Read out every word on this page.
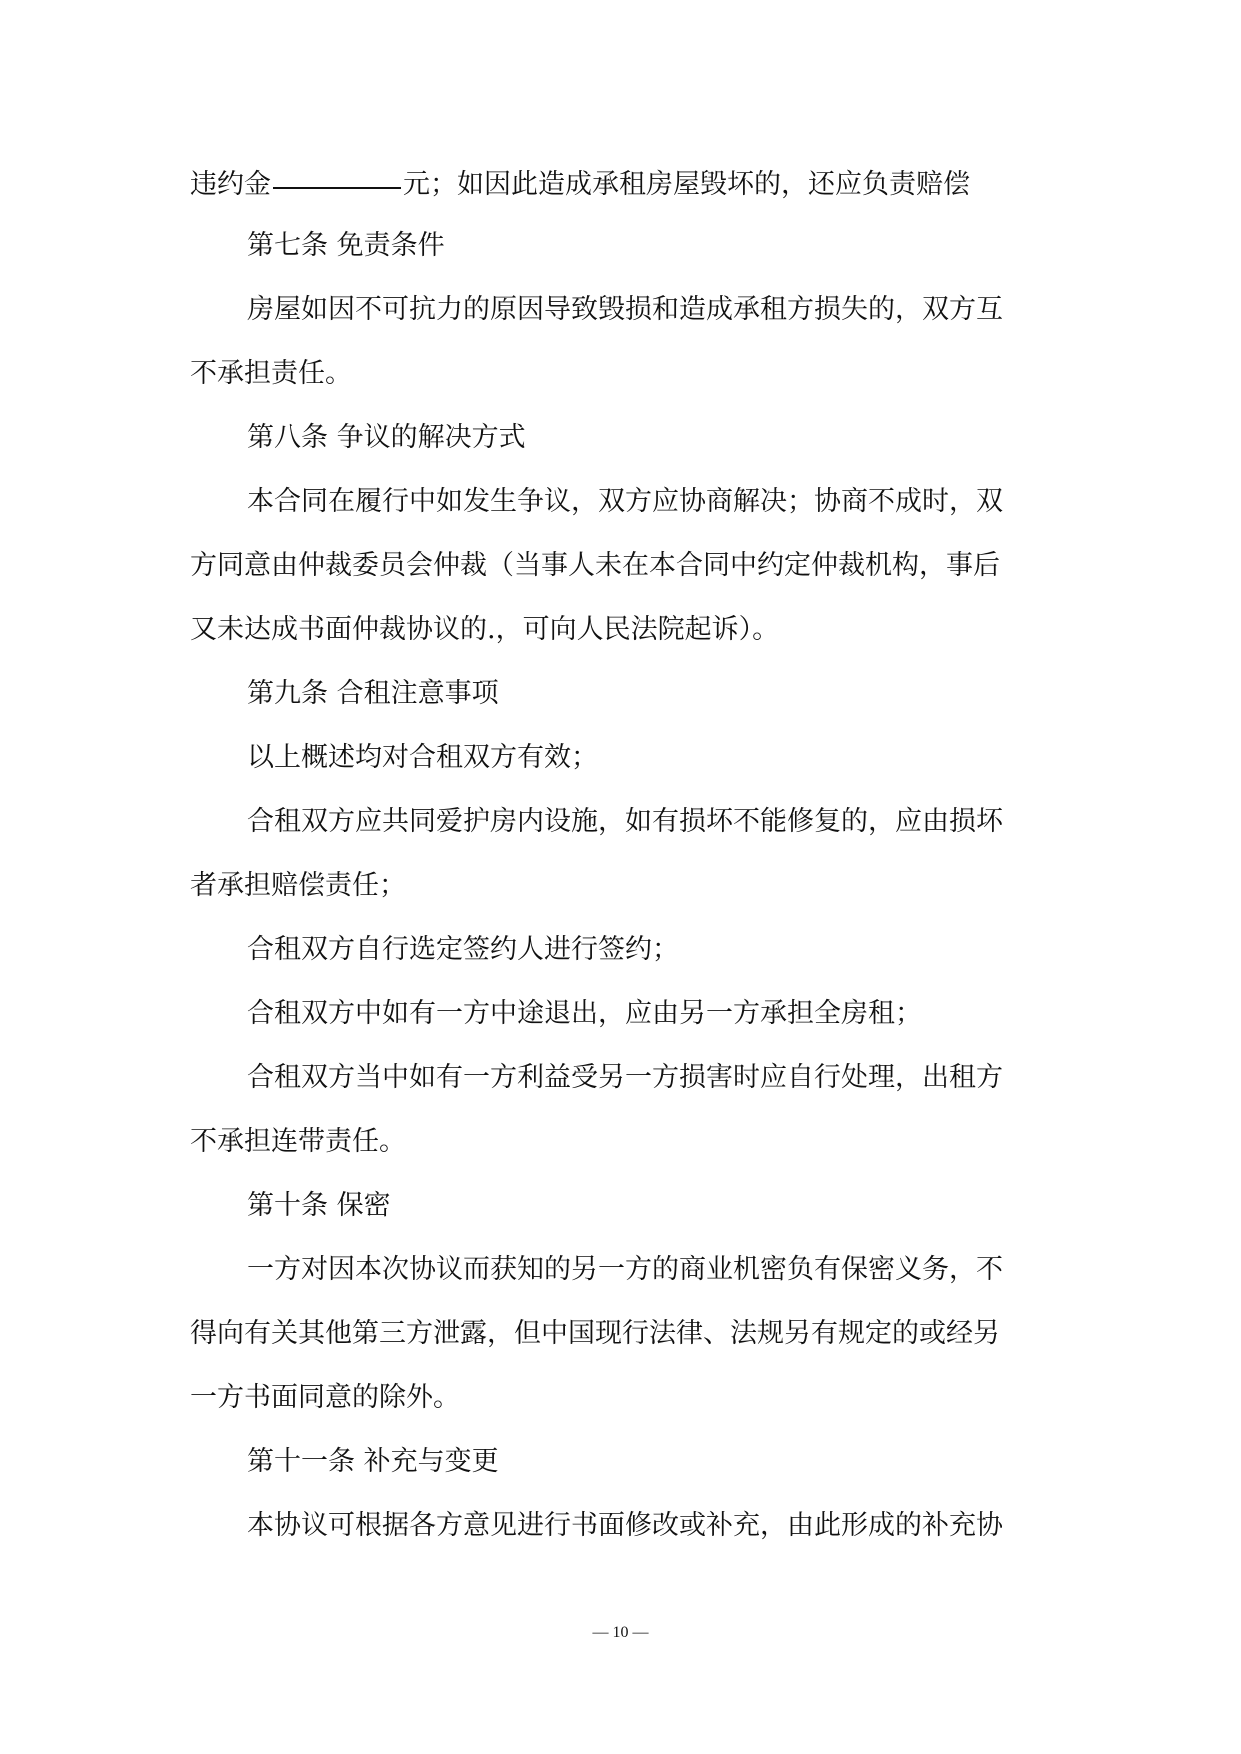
违约金	元；如因此造成承租房屋毁坏的，还应负责赔偿
第七条 免责条件
房屋如因不可抗力的原因导致毁损和造成承租方损失的，双方互
不承担责任。
第八条 争议的解决方式
本合同在履行中如发生争议，双方应协商解决；协商不成时，双
方同意由仲裁委员会仲裁（当事人未在本合同中约定仲裁机构，事后
又未达成书面仲裁协议的.，可向人民法院起诉）。
第九条 合租注意事项
以上概述均对合租双方有效；
合租双方应共同爱护房内设施，如有损坏不能修复的，应由损坏
者承担赔偿责任；
合租双方自行选定签约人进行签约；
合租双方中如有一方中途退出，应由另一方承担全房租；
合租双方当中如有一方利益受另一方损害时应自行处理，出租方
不承担连带责任。
第十条 保密
一方对因本次协议而获知的另一方的商业机密负有保密义务，不
得向有关其他第三方泄露，但中国现行法律、法规另有规定的或经另
一方书面同意的除外。
第十一条 补充与变更
本协议可根据各方意见进行书面修改或补充，由此形成的补充协
— 10 —
